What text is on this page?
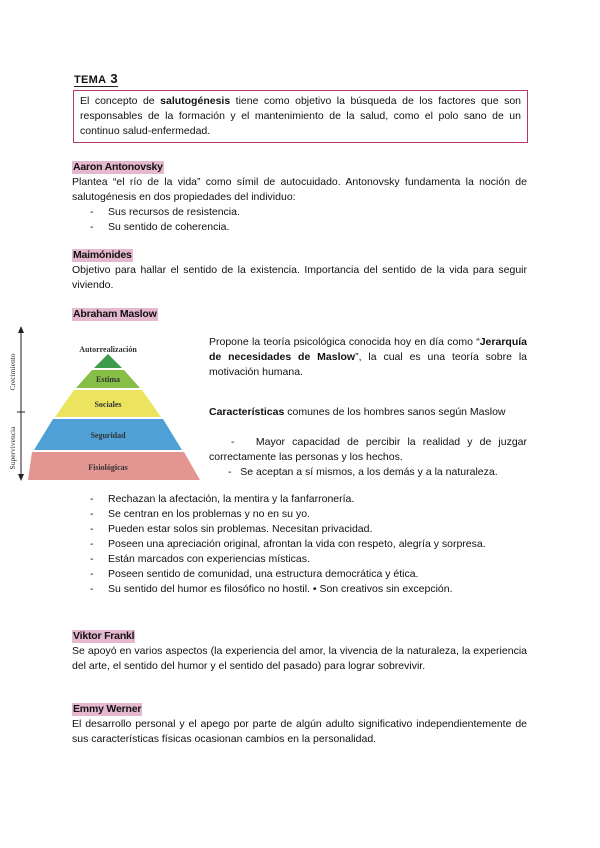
TEMA 3
El concepto de salutogénesis tiene como objetivo la búsqueda de los factores que son responsables de la formación y el mantenimiento de la salud, como el polo sano de un continuo salud-enfermedad.
Aaron Antonovsky
Plantea “el río de la vida” como símil de autocuidado. Antonovsky fundamenta la noción de salutogénesis en dos propiedades del individuo:
- Sus recursos de resistencia.
- Su sentido de coherencia.
Maimónides
Objetivo para hallar el sentido de la existencia. Importancia del sentido de la vida para seguir viviendo.
Abraham Maslow
Crecimiento
Supervivencia
Autorrealización
Estima
Sociales
Seguridad
Fisiológicas
Propone la teoría psicológica conocida hoy en día como “Jerarquía de necesidades de Maslow”, la cual es una teoría sobre la motivación humana.
Características comunes de los hombres sanos según Maslow
-   Mayor capacidad de percibir la realidad y de juzgar correctamente las personas y los hechos.
-   Se aceptan a sí mismos, a los demás y a la naturaleza.
- Rechazan la afectación, la mentira y la fanfarronería.
- Se centran en los problemas y no en su yo.
- Pueden estar solos sin problemas. Necesitan privacidad.
- Poseen una apreciación original, afrontan la vida con respeto, alegría y sorpresa.
- Están marcados con experiencias místicas.
- Poseen sentido de comunidad, una estructura democrática y ética.
- Su sentido del humor es filosófico no hostil. • Son creativos sin excepción.
Viktor Frankl
Se apoyó en varios aspectos (la experiencia del amor, la vivencia de la naturaleza, la experiencia del arte, el sentido del humor y el sentido del pasado) para lograr sobrevivir.
Emmy Werner
El desarrollo personal y el apego por parte de algún adulto significativo independientemente de sus características físicas ocasionan cambios en la personalidad.
